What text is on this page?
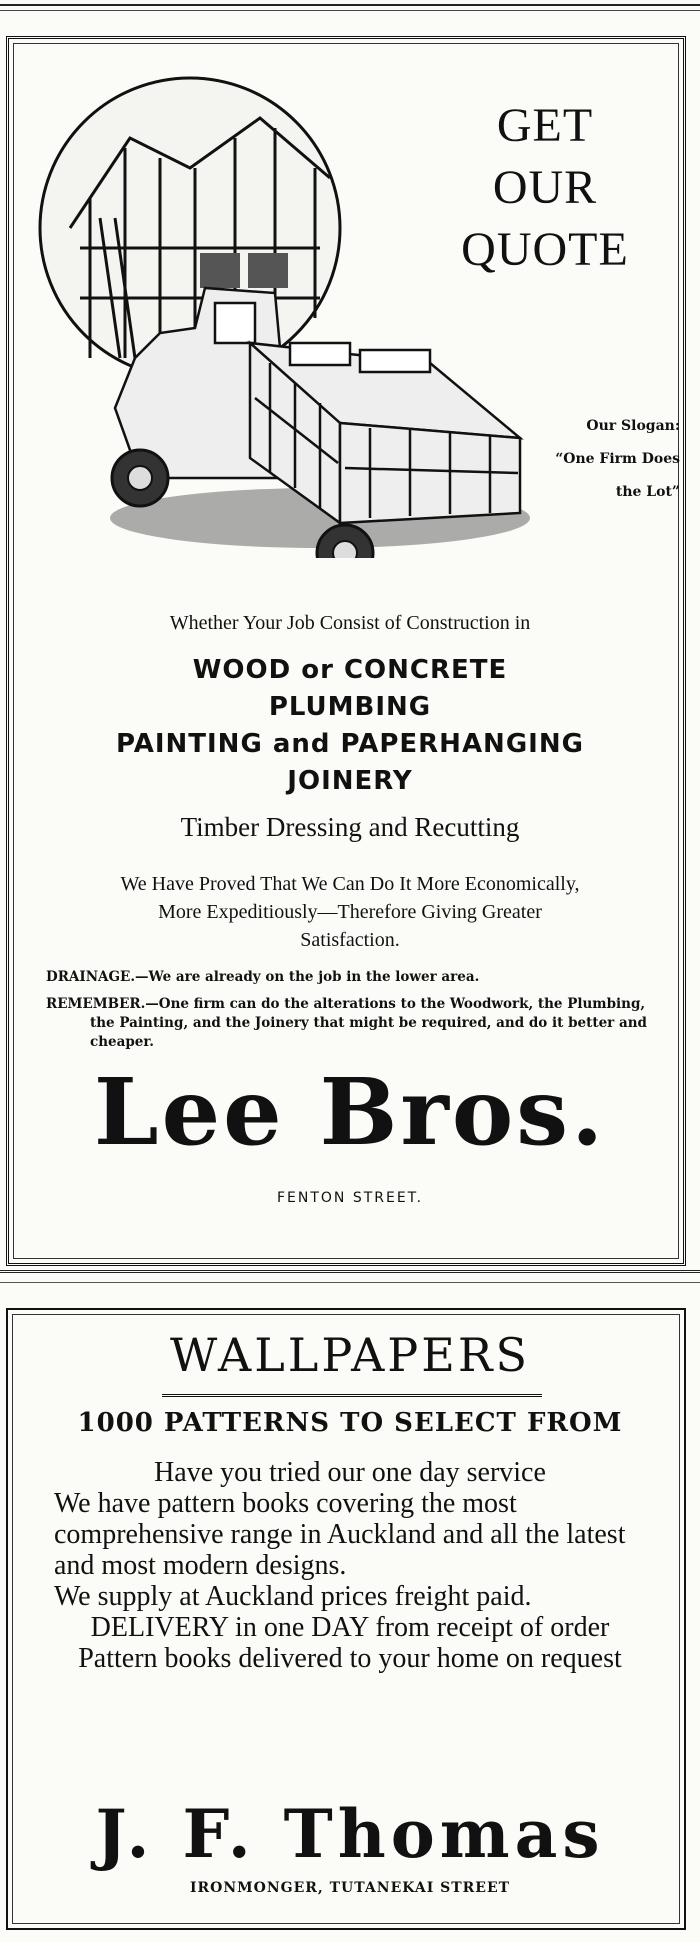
GET
OUR
QUOTE
Our Slogan:
“One Firm Does
the Lot”
Whether Your Job Consist of Construction in
WOOD or CONCRETE
PLUMBING
PAINTING and PAPERHANGING
JOINERY
Timber Dressing and Recutting
We Have Proved That We Can Do It More Economically,
More Expeditiously—Therefore Giving Greater
Satisfaction.
DRAINAGE.—We are already on the job in the lower area.
REMEMBER.—One firm can do the alterations to the Woodwork, the Plumbing, the Painting, and the Joinery that might be required, and do it better and cheaper.
Lee Bros.
FENTON STREET.
WALLPAPERS
1000 PATTERNS TO SELECT FROM

Have you tried our one day service

We have pattern books covering the most comprehensive range in Auckland and all the latest and most modern designs.

We supply at Auckland prices freight paid.

DELIVERY in one DAY from receipt of order

Pattern books delivered to your home on request

J. F. Thomas
IRONMONGER, TUTANEKAI STREET
